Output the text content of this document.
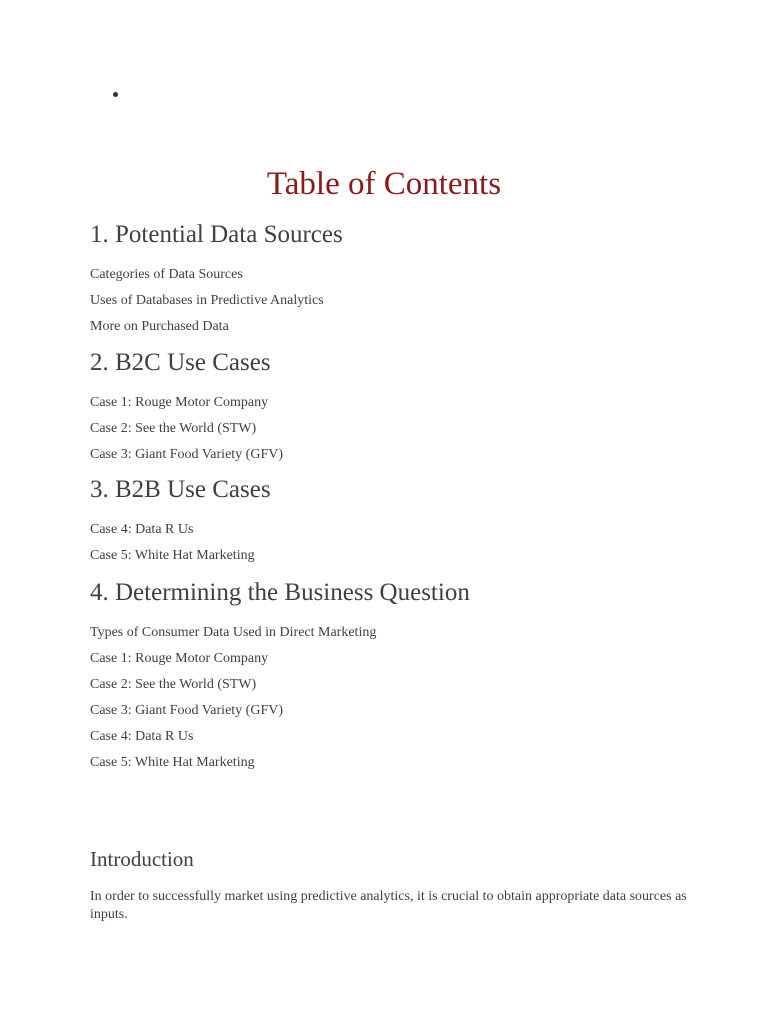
Table of Contents
1. Potential Data Sources
Categories of Data Sources
Uses of Databases in Predictive Analytics
More on Purchased Data
2. B2C Use Cases
Case 1: Rouge Motor Company
Case 2: See the World (STW)
Case 3: Giant Food Variety (GFV)
3. B2B Use Cases
Case 4: Data R Us
Case 5: White Hat Marketing
4. Determining the Business Question
Types of Consumer Data Used in Direct Marketing
Case 1: Rouge Motor Company
Case 2: See the World (STW)
Case 3: Giant Food Variety (GFV)
Case 4: Data R Us
Case 5: White Hat Marketing
Introduction

In order to successfully market using predictive analytics, it is crucial to obtain appropriate data sources as inputs.
